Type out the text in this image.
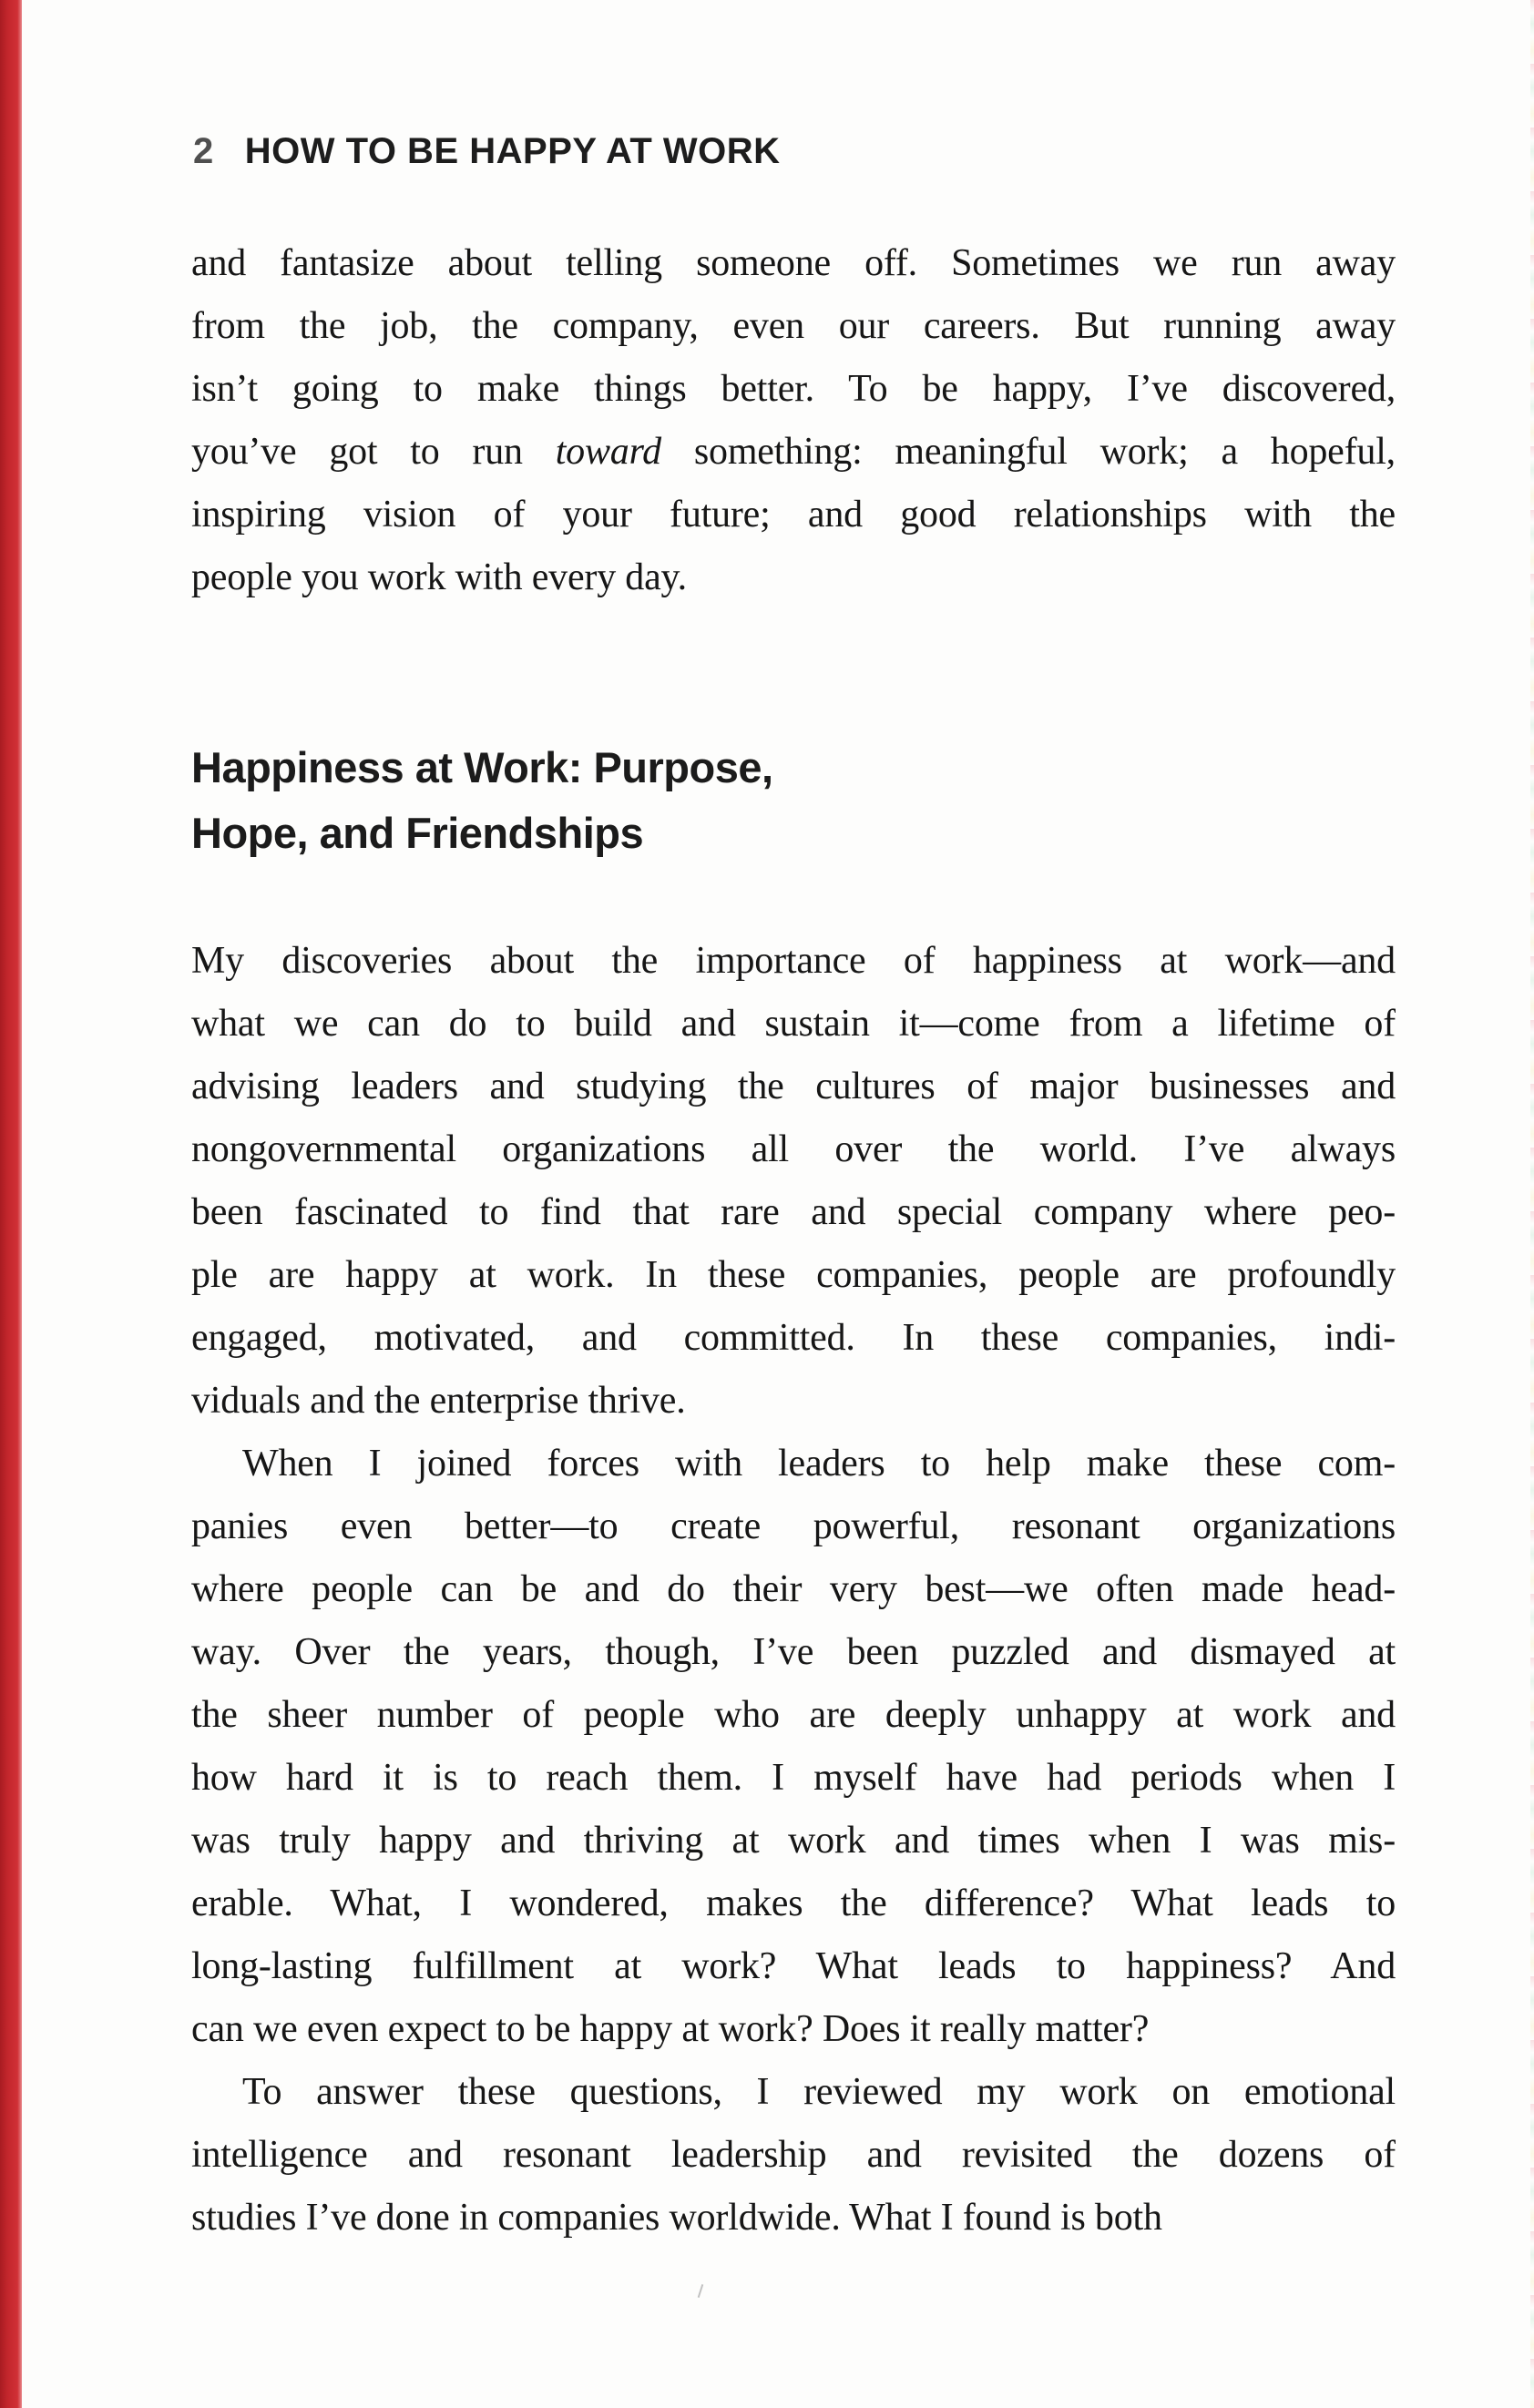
2 HOW TO BE HAPPY AT WORK

and fantasize about telling someone off. Sometimes we run away
from the job, the company, even our careers. But running away
isn’t going to make things better. To be happy, I’ve discovered,
you’ve got to run toward something: meaningful work; a hopeful,
inspiring vision of your future; and good relationships with the
people you work with every day.

Happiness at Work: Purpose,
Hope, and Friendships

My discoveries about the importance of happiness at work—and
what we can do to build and sustain it—come from a lifetime of
advising leaders and studying the cultures of major businesses and
nongovernmental organizations all over the world. I’ve always
been fascinated to find that rare and special company where peo-
ple are happy at work. In these companies, people are profoundly
engaged, motivated, and committed. In these companies, indi-
viduals and the enterprise thrive.

When I joined forces with leaders to help make these com-
panies even better—to create powerful, resonant organizations
where people can be and do their very best—we often made head-
way. Over the years, though, I’ve been puzzled and dismayed at
the sheer number of people who are deeply unhappy at work and
how hard it is to reach them. I myself have had periods when I
was truly happy and thriving at work and times when I was mis-
erable. What, I wondered, makes the difference? What leads to
long-lasting fulfillment at work? What leads to happiness? And
can we even expect to be happy at work? Does it really matter?

To answer these questions, I reviewed my work on emotional
intelligence and resonant leadership and revisited the dozens of
studies I’ve done in companies worldwide. What I found is both
